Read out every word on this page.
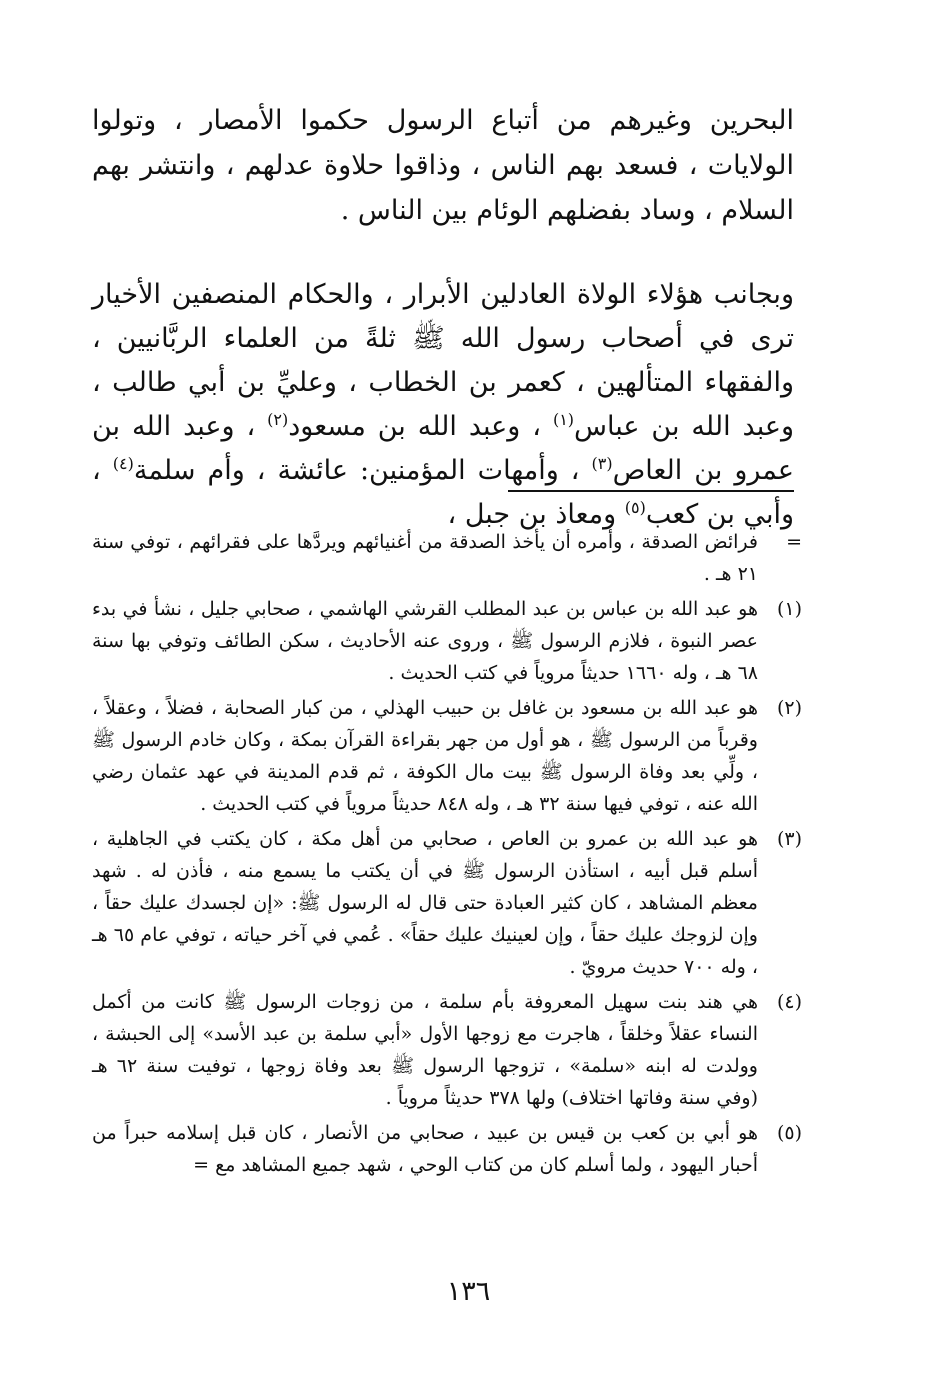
البحرين وغيرهم من أتباع الرسول حكموا الأمصار ، وتولوا الولايات ، فسعد بهم الناس ، وذاقوا حلاوة عدلهم ، وانتشر بهم السلام ، وساد بفضلهم الوئام بين الناس .

وبجانب هؤلاء الولاة العادلين الأبرار ، والحكام المنصفين الأخيار ترى في أصحاب رسول الله ﷺ ثلةً من العلماء الربَّانيين ، والفقهاء المتألهين ، كعمر بن الخطاب ، وعليِّ بن أبي طالب ، وعبد الله بن عباس$^{(١)}$ ، وعبد الله بن مسعود$^{(٢)}$ ، وعبد الله بن عمرو بن العاص$^{(٣)}$ ، وأمهات المؤمنين: عائشة ، وأم سلمة$^{(٤)}$ ، وأبي بن كعب$^{(٥)}$ ومعاذ بن جبل ،

=

فرائض الصدقة ، وأمره أن يأخذ الصدقة من أغنيائهم ويردَّها على فقرائهم ، توفي سنة ٢١ هـ .

(١)

هو عبد الله بن عباس بن عبد المطلب القرشي الهاشمي ، صحابي جليل ، نشأ في بدء عصر النبوة ، فلازم الرسول ﷺ ، وروى عنه الأحاديث ، سكن الطائف وتوفي بها سنة ٦٨ هـ ، وله ١٦٦٠ حديثاً مروياً في كتب الحديث .

(٢)

هو عبد الله بن مسعود بن غافل بن حبيب الهذلي ، من كبار الصحابة ، فضلاً ، وعقلاً ، وقرباً من الرسول ﷺ ، هو أول من جهر بقراءة القرآن بمكة ، وكان خادم الرسول ﷺ ، ولِّي بعد وفاة الرسول ﷺ بيت مال الكوفة ، ثم قدم المدينة في عهد عثمان رضي الله عنه ، توفي فيها سنة ٣٢ هـ ، وله ٨٤٨ حديثاً مروياً في كتب الحديث .

(٣)

هو عبد الله بن عمرو بن العاص ، صحابي من أهل مكة ، كان يكتب في الجاهلية ، أسلم قبل أبيه ، استأذن الرسول ﷺ في أن يكتب ما يسمع منه ، فأذن له . شهد معظم المشاهد ، كان كثير العبادة حتى قال له الرسول ﷺ: «إن لجسدك عليك حقاً ، وإن لزوجك عليك حقاً ، وإن لعينيك عليك حقاً» . عُمي في آخر حياته ، توفي عام ٦٥ هـ ، وله ٧٠٠ حديث مرويّ .

(٤)

هي هند بنت سهيل المعروفة بأم سلمة ، من زوجات الرسول ﷺ كانت من أكمل النساء عقلاً وخلقاً ، هاجرت مع زوجها الأول «أبي سلمة بن عبد الأسد» إلى الحبشة ، وولدت له ابنه «سلمة» ، تزوجها الرسول ﷺ بعد وفاة زوجها ، توفيت سنة ٦٢ هـ (وفي سنة وفاتها اختلاف) ولها ٣٧٨ حديثاً مروياً .

(٥)

هو أبي بن كعب بن قيس بن عبيد ، صحابي من الأنصار ، كان قبل إسلامه حبراً من أحبار اليهود ، ولما أسلم كان من كتاب الوحي ، شهد جميع المشاهد مع =

١٣٦
